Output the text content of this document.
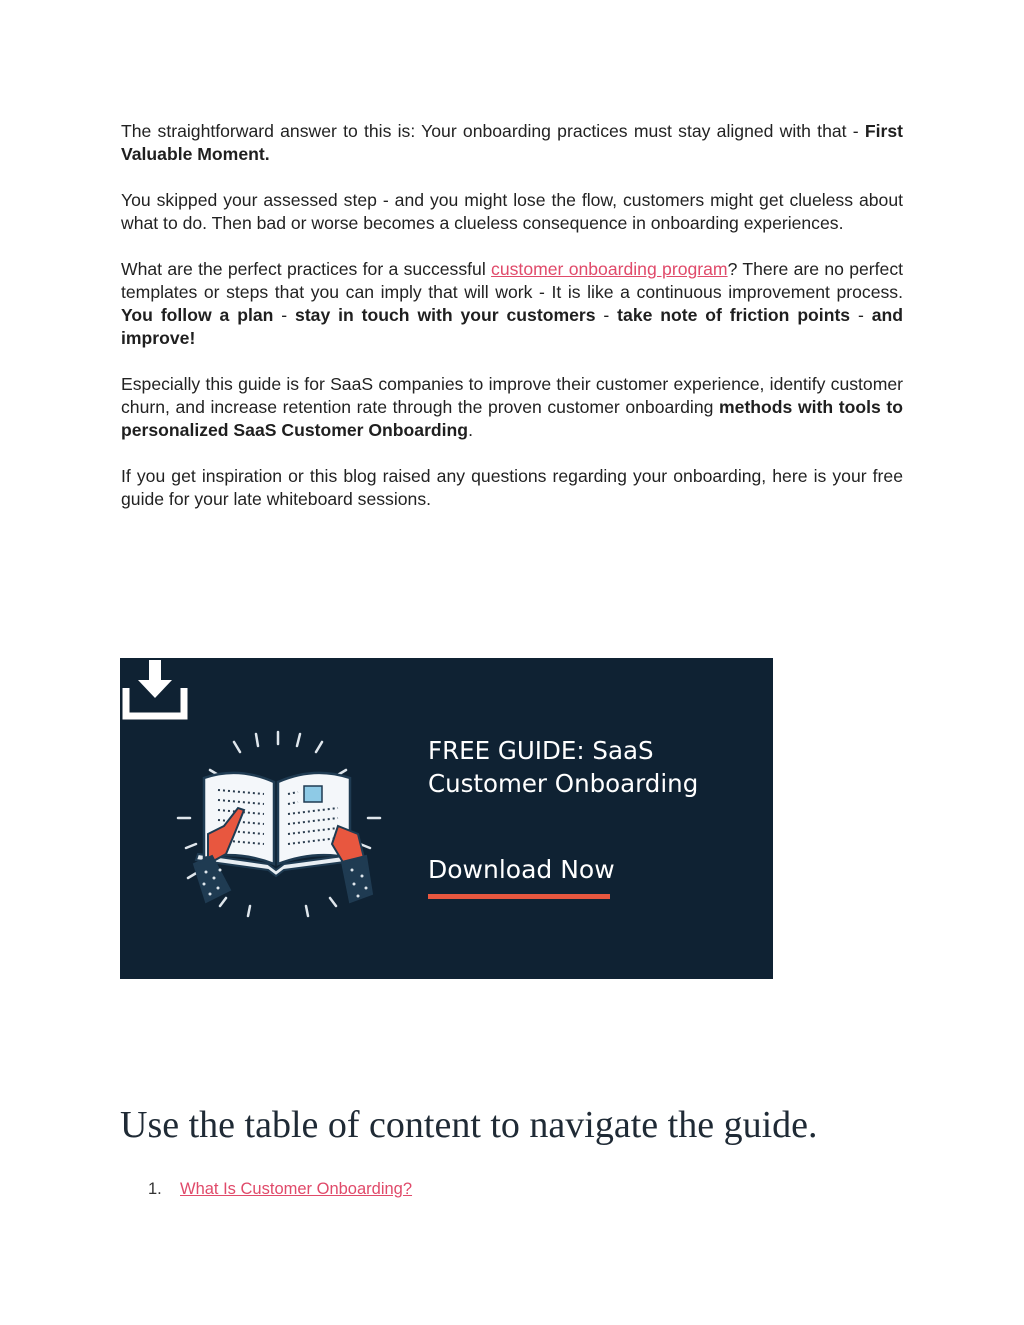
The straightforward answer to this is: Your onboarding practices must stay aligned with that - First Valuable Moment.

You skipped your assessed step - and you might lose the flow, customers might get clueless about what to do. Then bad or worse becomes a clueless consequence in onboarding experiences.

What are the perfect practices for a successful customer onboarding program? There are no perfect templates or steps that you can imply that will work - It is like a continuous improvement process. You follow a plan - stay in touch with your customers - take note of friction points - and improve!

Especially this guide is for SaaS companies to improve their customer experience, identify customer churn, and increase retention rate through the proven customer onboarding methods with tools to personalized SaaS Customer Onboarding.

If you get inspiration or this blog raised any questions regarding your onboarding, here is your free guide for your late whiteboard sessions.

FREE GUIDE: SaaS
Customer Onboarding
Download Now
Use the table of content to navigate the guide.
1. What Is Customer Onboarding?
